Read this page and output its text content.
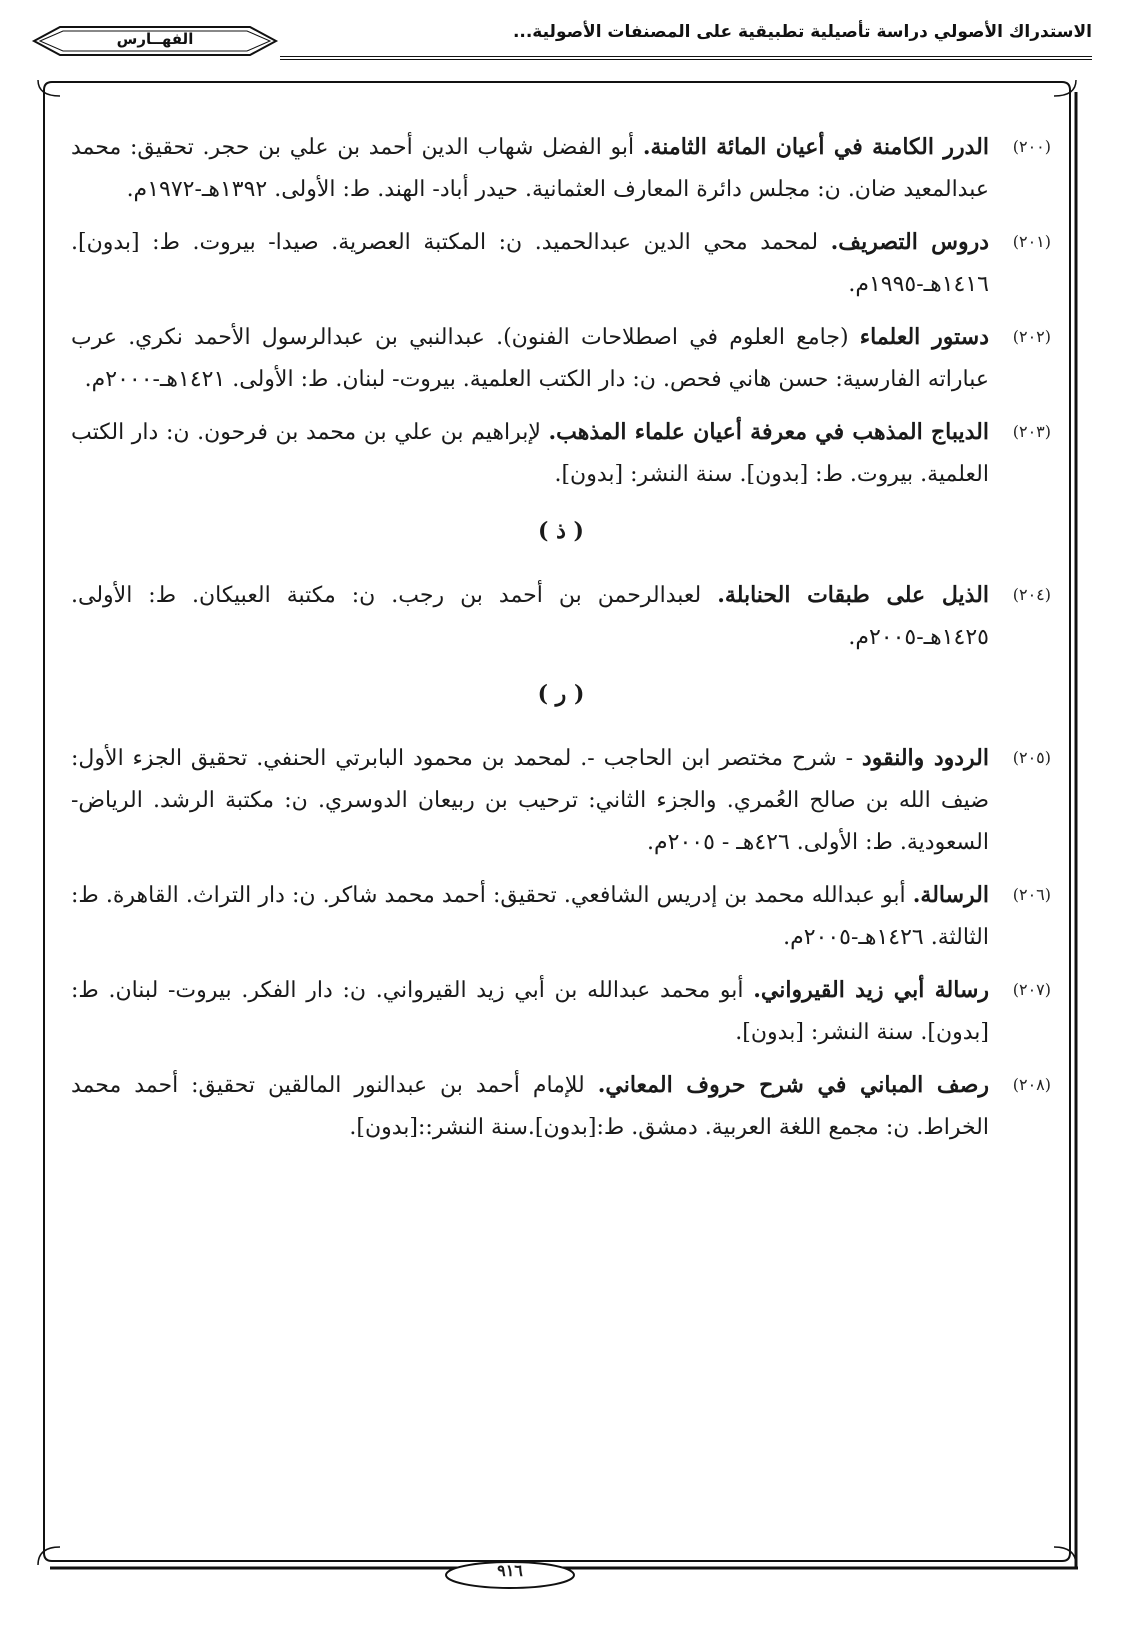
الاستدراك الأصولي دراسة تأصيلية تطبيقية على المصنفات الأصولية...
الفهــارس
(٢٠٠)
الدرر الكامنة في أعيان المائة الثامنة. أبو الفضل شهاب الدين أحمد بن علي بن حجر. تحقيق: محمد عبدالمعيد ضان. ن: مجلس دائرة المعارف العثمانية. حيدر أباد- الهند. ط: الأولى. ١٣٩٢هـ-١٩٧٢م.
(٢٠١)
دروس التصريف. لمحمد محي الدين عبدالحميد. ن: المكتبة العصرية. صيدا- بيروت. ط: [بدون]. ١٤١٦هـ-١٩٩٥م.
(٢٠٢)
دستور العلماء (جامع العلوم في اصطلاحات الفنون). عبدالنبي بن عبدالرسول الأحمد نكري. عرب عباراته الفارسية: حسن هاني فحص. ن: دار الكتب العلمية. بيروت- لبنان. ط: الأولى. ١٤٢١هـ-٢٠٠٠م.
(٢٠٣)
الديباج المذهب في معرفة أعيان علماء المذهب. لإبراهيم بن علي بن محمد بن فرحون. ن: دار الكتب العلمية. بيروت. ط: [بدون]. سنة النشر: [بدون].
( ذ )
(٢٠٤)
الذيل على طبقات الحنابلة. لعبدالرحمن بن أحمد بن رجب. ن: مكتبة العبيكان. ط: الأولى. ١٤٢٥هـ-٢٠٠٥م.
( ر )
(٢٠٥)
الردود والنقود - شرح مختصر ابن الحاجب -. لمحمد بن محمود البابرتي الحنفي. تحقيق الجزء الأول: ضيف الله بن صالح العُمري. والجزء الثاني: ترحيب بن ربيعان الدوسري. ن: مكتبة الرشد. الرياض- السعودية. ط: الأولى. ٤٢٦هـ - ٢٠٠٥م.
(٢٠٦)
الرسالة. أبو عبدالله محمد بن إدريس الشافعي. تحقيق: أحمد محمد شاكر. ن: دار التراث. القاهرة. ط: الثالثة. ١٤٢٦هـ-٢٠٠٥م.
(٢٠٧)
رسالة أبي زيد القيرواني. أبو محمد عبدالله بن أبي زيد القيرواني. ن: دار الفكر. بيروت- لبنان. ط: [بدون]. سنة النشر: [بدون].
(٢٠٨)
رصف المباني في شرح حروف المعاني. للإمام أحمد بن عبدالنور المالقين تحقيق: أحمد محمد الخراط. ن: مجمع اللغة العربية. دمشق. ط:[بدون].سنة النشر::[بدون].
٩١٦
